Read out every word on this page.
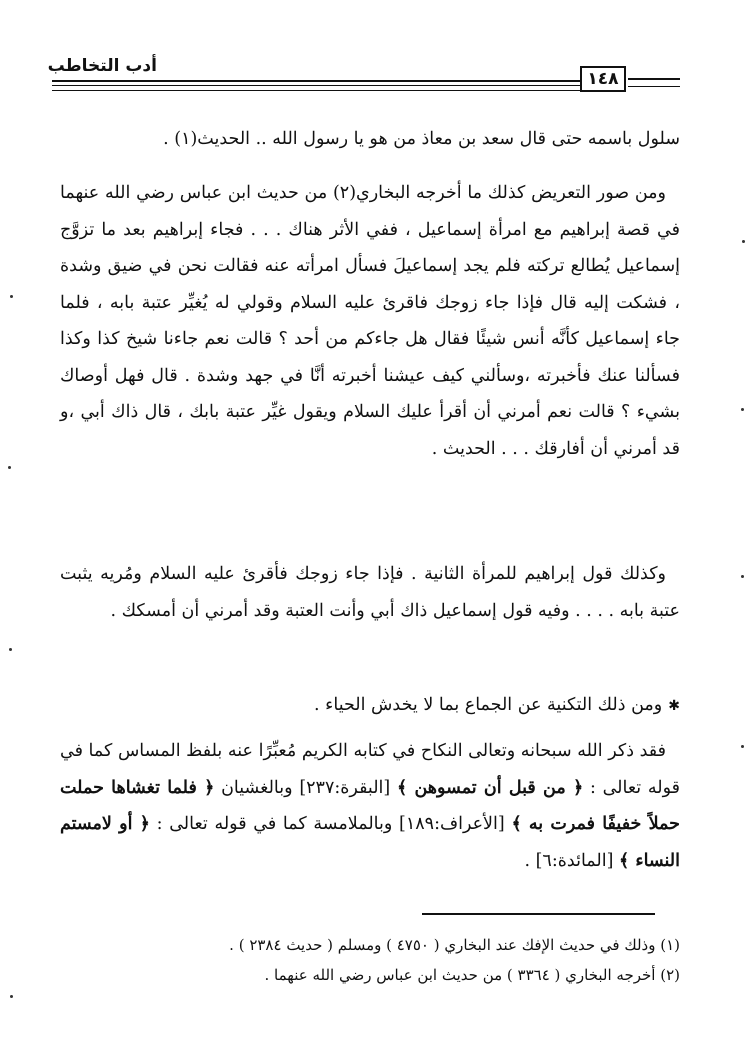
أدب التخاطب
١٤٨
سلول باسمه حتى قال سعد بن معاذ من هو يا رسول الله .. الحديث(١) .
ومن صور التعريض كذلك ما أخرجه البخاري(٢) من حديث ابن عباس رضي الله عنهما في قصة إبراهيم مع امرأة إسماعيل ، ففي الأثر هناك . . . فجاء إبراهيم بعد ما تزوَّج إسماعيل يُطالع تركته فلم يجد إسماعيلَ فسأل امرأته عنه فقالت نحن في ضيق وشدة ، فشكت إليه قال فإذا جاء زوجك فاقرئ عليه السلام وقولي له يُغيِّر عتبة بابه ، فلما جاء إسماعيل كأنَّه أنس شيئًا فقال هل جاءكم من أحد ؟ قالت نعم جاءنا شيخ كذا وكذا فسألنا عنك فأخبرته ،وسألني كيف عيشنا أخبرته أنَّا في جهد وشدة . قال فهل أوصاك بشيء ؟ قالت نعم أمرني أن أقرأ عليك السلام ويقول غيِّر عتبة بابك ، قال ذاك أبي ،و قد أمرني أن أفارقك . . . الحديث .
وكذلك قول إبراهيم للمرأة الثانية . فإذا جاء زوجك فأقرئ عليه السلام ومُريه يثبت عتبة بابه . . . . وفيه قول إسماعيل ذاك أبي وأنت العتبة وقد أمرني أن أمسكك .
✱ومن ذلك التكنية عن الجماع بما لا يخدش الحياء .
فقد ذكر الله سبحانه وتعالى النكاح في كتابه الكريم مُعبِّرًا عنه بلفظ المساس كما في قوله تعالى : ﴿ من قبل أن تمسوهن ﴾ [البقرة:٢٣٧] وبالغشيان ﴿ فلما تغشاها حملت حملاً خفيفًا فمرت به ﴾ [الأعراف:١٨٩] وبالملامسة كما في قوله تعالى : ﴿ أو لامستم النساء ﴾ [المائدة:٦] .
(١) وذلك في حديث الإفك عند البخاري ( ٤٧٥٠ ) ومسلم ( حديث ٢٣٨٤ ) .
(٢) أخرجه البخاري ( ٣٣٦٤ ) من حديث ابن عباس رضي الله عنهما .
